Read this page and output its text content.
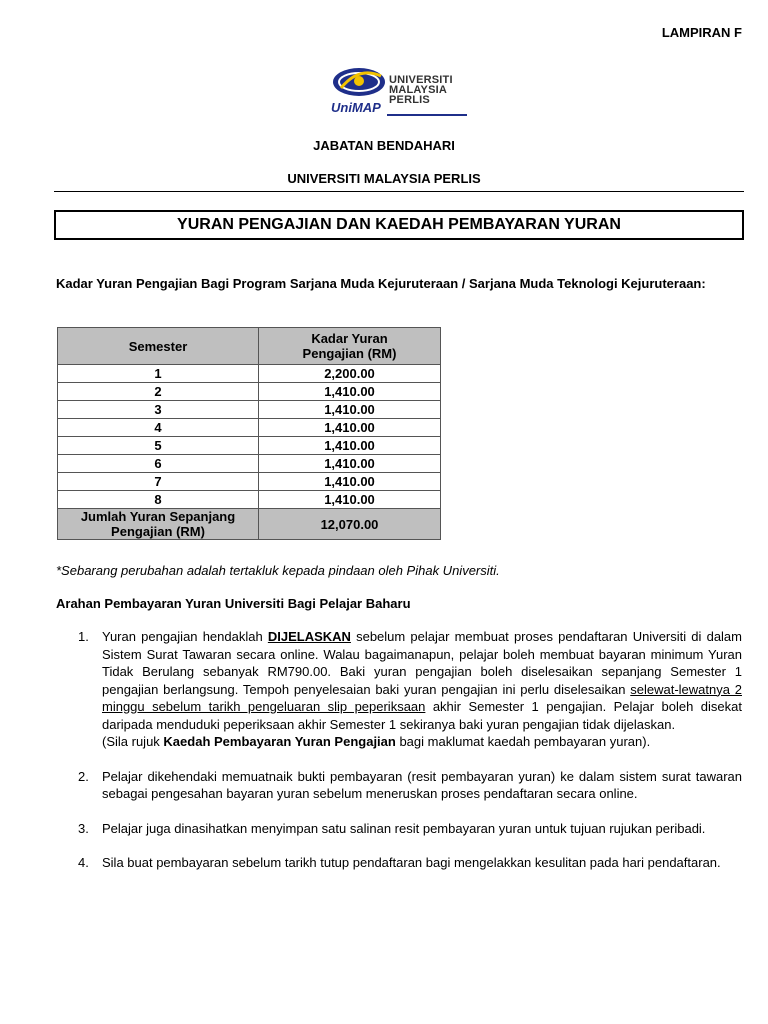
LAMPIRAN F
UNIVERSITI
MALAYSIA
PERLIS
UniMAP
JABATAN BENDAHARI
UNIVERSITI MALAYSIA PERLIS
YURAN PENGAJIAN DAN KAEDAH PEMBAYARAN YURAN
Kadar Yuran Pengajian Bagi Program Sarjana Muda Kejuruteraan / Sarjana Muda Teknologi Kejuruteraan:
Semester	Kadar Yuran
Pengajian (RM)
1	2,200.00
2	1,410.00
3	1,410.00
4	1,410.00
5	1,410.00
6	1,410.00
7	1,410.00
8	1,410.00
Jumlah Yuran Sepanjang
Pengajian (RM)	12,070.00
*Sebarang perubahan adalah tertakluk kepada pindaan oleh Pihak Universiti.
Arahan Pembayaran Yuran Universiti Bagi Pelajar Baharu
1. Yuran pengajian hendaklah DIJELASKAN sebelum pelajar membuat proses pendaftaran Universiti di dalam Sistem Surat Tawaran secara online. Walau bagaimanapun, pelajar boleh membuat bayaran minimum Yuran Tidak Berulang sebanyak RM790.00. Baki yuran pengajian boleh diselesaikan sepanjang Semester 1 pengajian berlangsung. Tempoh penyelesaian baki yuran pengajian ini perlu diselesaikan selewat-lewatnya 2 minggu sebelum tarikh pengeluaran slip peperiksaan akhir Semester 1 pengajian. Pelajar boleh disekat daripada menduduki peperiksaan akhir Semester 1 sekiranya baki yuran pengajian tidak dijelaskan.
(Sila rujuk Kaedah Pembayaran Yuran Pengajian bagi maklumat kaedah pembayaran yuran).
2. Pelajar dikehendaki memuatnaik bukti pembayaran (resit pembayaran yuran) ke dalam sistem surat tawaran sebagai pengesahan bayaran yuran sebelum meneruskan proses pendaftaran secara online.
3. Pelajar juga dinasihatkan menyimpan satu salinan resit pembayaran yuran untuk tujuan rujukan peribadi.
4. Sila buat pembayaran sebelum tarikh tutup pendaftaran bagi mengelakkan kesulitan pada hari pendaftaran.
